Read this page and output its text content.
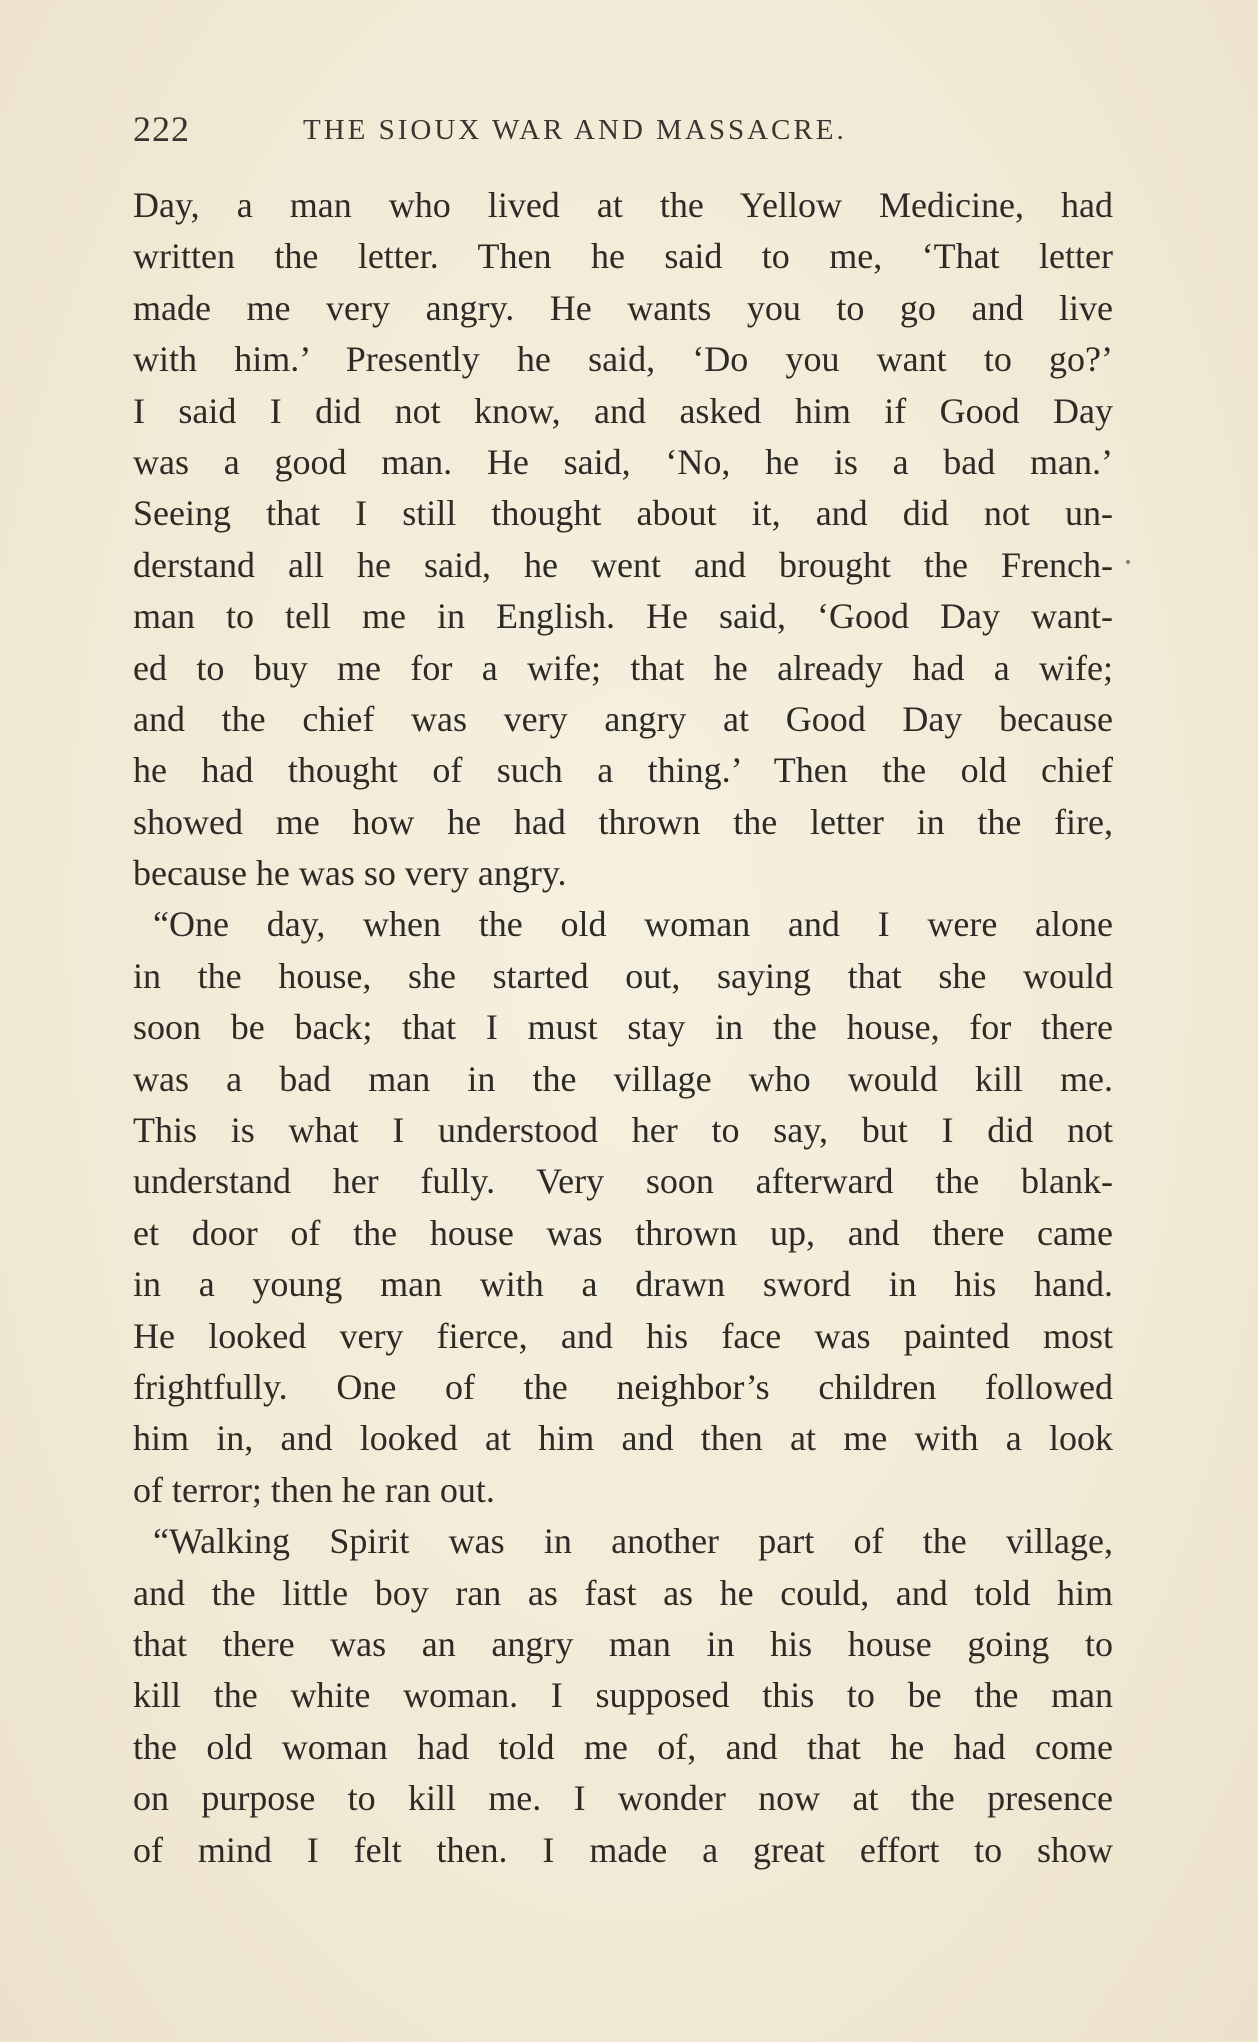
222	THE SIOUX WAR AND MASSACRE.
Day, a man who lived at the Yellow Medicine, had
written the letter. Then he said to me, ‘That letter
made me very angry. He wants you to go and live
with him.’ Presently he said, ‘Do you want to go?’
I said I did not know, and asked him if Good Day
was a good man. He said, ‘No, he is a bad man.’
Seeing that I still thought about it, and did not un-
derstand all he said, he went and brought the French-
man to tell me in English. He said, ‘Good Day want-
ed to buy me for a wife; that he already had a wife;
and the chief was very angry at Good Day because
he had thought of such a thing.’ Then the old chief
showed me how he had thrown the letter in the fire,
because he was so very angry.
“One day, when the old woman and I were alone
in the house, she started out, saying that she would
soon be back; that I must stay in the house, for there
was a bad man in the village who would kill me.
This is what I understood her to say, but I did not
understand her fully. Very soon afterward the blank-
et door of the house was thrown up, and there came
in a young man with a drawn sword in his hand.
He looked very fierce, and his face was painted most
frightfully. One of the neighbor’s children followed
him in, and looked at him and then at me with a look
of terror; then he ran out.
“Walking Spirit was in another part of the village,
and the little boy ran as fast as he could, and told him
that there was an angry man in his house going to
kill the white woman. I supposed this to be the man
the old woman had told me of, and that he had come
on purpose to kill me. I wonder now at the presence
of mind I felt then. I made a great effort to show
